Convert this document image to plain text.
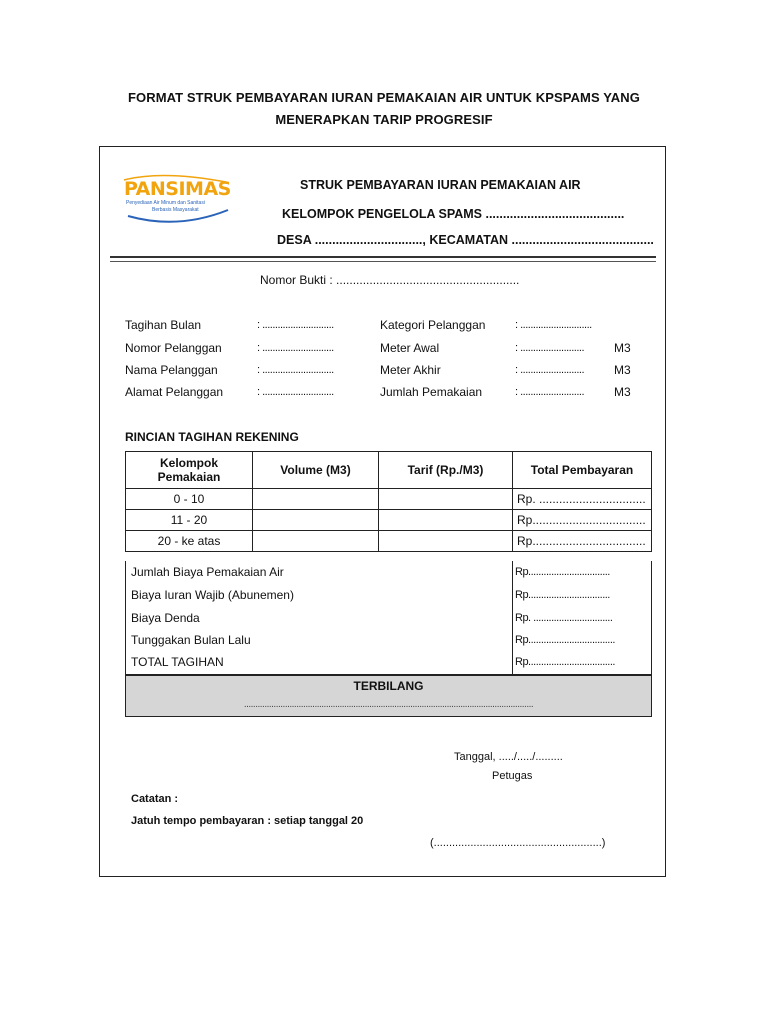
FORMAT STRUK PEMBAYARAN IURAN PEMAKAIAN AIR UNTUK KPSPAMS YANG
MENERAPKAN TARIP PROGRESIF
PANSIMAS
Penyediaan Air Minum dan Sanitasi
Berbasis Masyarakat
STRUK PEMBAYARAN IURAN PEMAKAIAN AIR
KELOMPOK PENGELOLA SPAMS ........................................
DESA ..............................., KECAMATAN .........................................
Nomor Bukti : .......................................................
Tagihan Bulan	: ............................
Nomor Pelanggan	: ............................
Nama Pelanggan	: ............................
Alamat Pelanggan	: ............................
Kategori Pelanggan	: ............................
Meter Awal	: ......................... M3
Meter Akhir	: ......................... M3
Jumlah Pemakaian	: ......................... M3
RINCIAN TAGIHAN REKENING
Kelompok Pemakaian	Volume (M3)	Tarif (Rp./M3)	Total Pembayaran
0 - 10			Rp. ................................
11 - 20			Rp..................................
20 - ke atas			Rp..................................
Jumlah Biaya Pemakaian Air	Rp................................
Biaya Iuran Wajib (Abunemen)	Rp................................
Biaya Denda	Rp. ...............................
Tunggakan Bulan Lalu	Rp..................................
TOTAL TAGIHAN	Rp..................................
TERBILANG
...............................................................................................................................
Tanggal, ...../...../.........
Petugas
(.......................................................)
Catatan :
Jatuh tempo pembayaran : setiap tanggal 20
